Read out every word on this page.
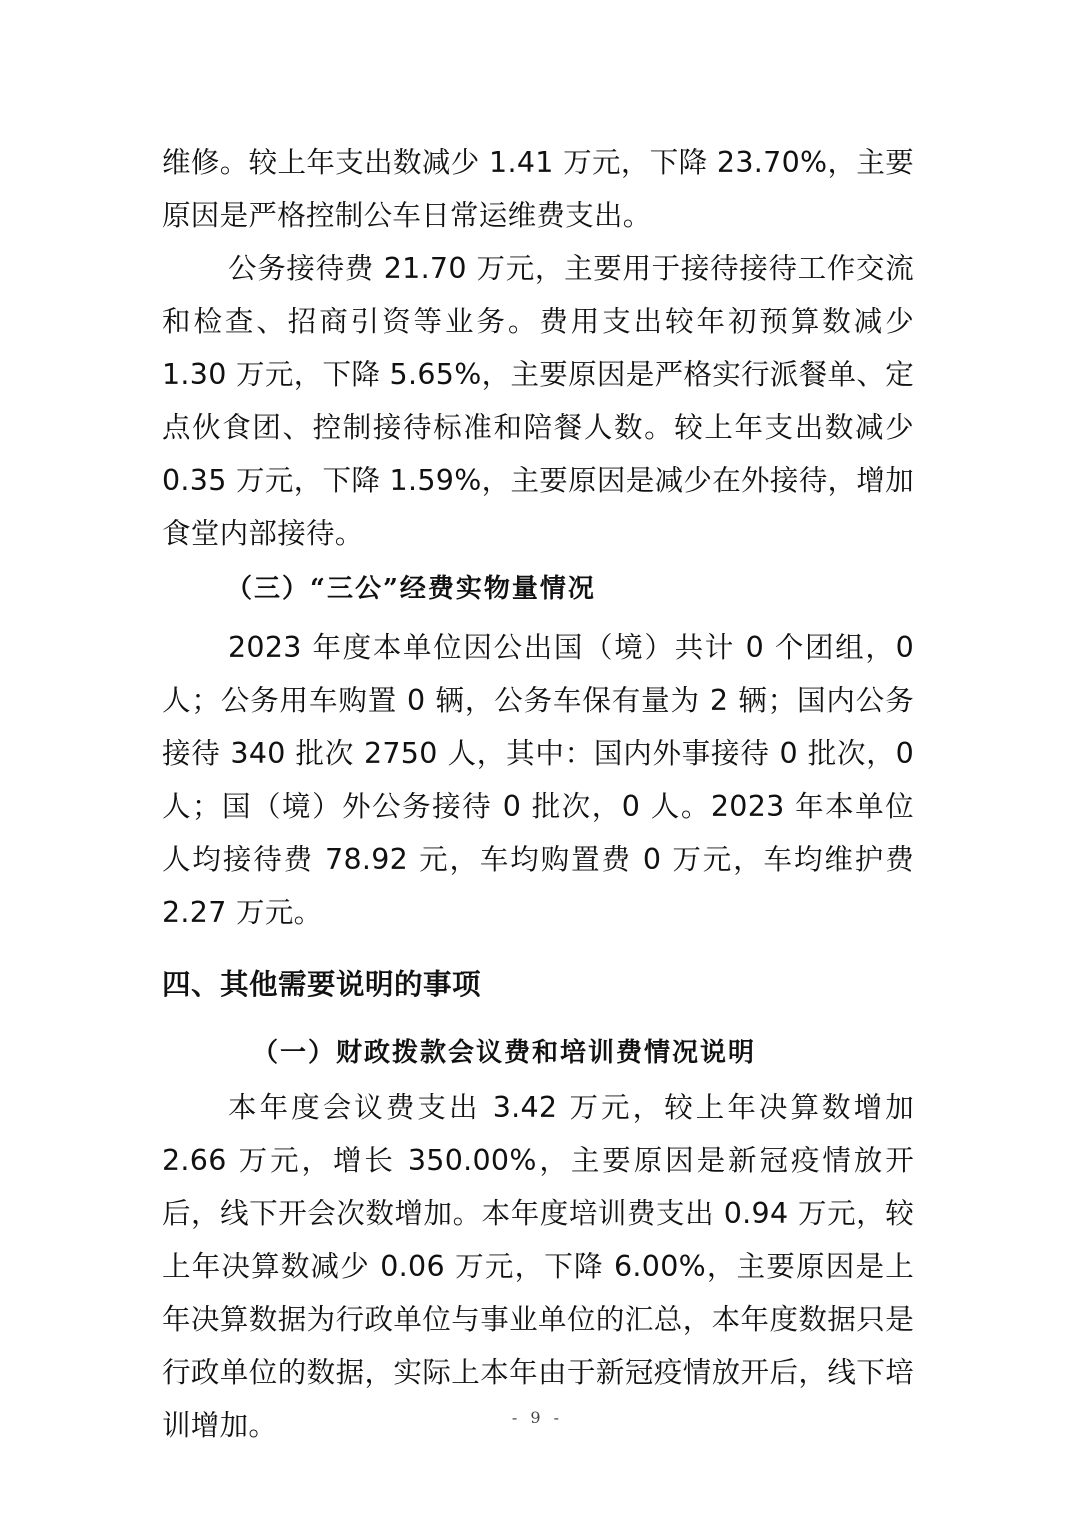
维修。较上年支出数减少 1.41 万元，下降 23.70%，主要原因是严格控制公车日常运维费支出。

公务接待费 21.70 万元，主要用于接待接待工作交流和检查、招商引资等业务。费用支出较年初预算数减少 1.30 万元，下降 5.65%，主要原因是严格实行派餐单、定点伙食团、控制接待标准和陪餐人数。较上年支出数减少 0.35 万元，下降 1.59%，主要原因是减少在外接待，增加食堂内部接待。

（三）“三公”经费实物量情况

2023 年度本单位因公出国（境）共计 0 个团组，0 人；公务用车购置 0 辆，公务车保有量为 2 辆；国内公务接待 340 批次 2750 人，其中：国内外事接待 0 批次，0 人；国（境）外公务接待 0 批次，0 人。2023 年本单位人均接待费 78.92 元，车均购置费 0 万元，车均维护费 2.27 万元。

四、其他需要说明的事项
（一）财政拨款会议费和培训费情况说明

本年度会议费支出 3.42 万元，较上年决算数增加 2.66 万元，增长 350.00%，主要原因是新冠疫情放开后，线下开会次数增加。本年度培训费支出 0.94 万元，较上年决算数减少 0.06 万元，下降 6.00%，主要原因是上年决算数据为行政单位与事业单位的汇总，本年度数据只是行政单位的数据，实际上本年由于新冠疫情放开后，线下培训增加。	- 9 -
